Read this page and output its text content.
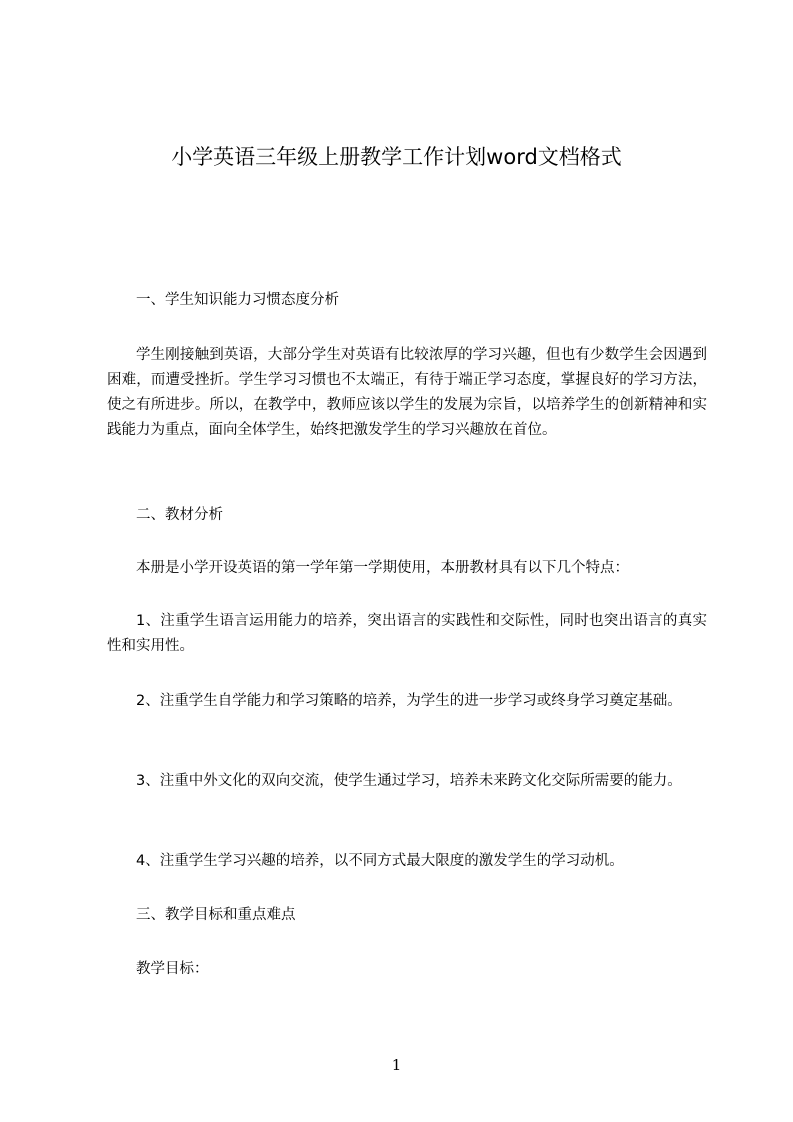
小学英语三年级上册教学工作计划word文档格式
一、学生知识能力习惯态度分析
学生刚接触到英语，大部分学生对英语有比较浓厚的学习兴趣，但也有少数学生会因遇到困难，而遭受挫折。学生学习习惯也不太端正，有待于端正学习态度，掌握良好的学习方法，使之有所进步。所以，在教学中，教师应该以学生的发展为宗旨，以培养学生的创新精神和实践能力为重点，面向全体学生，始终把激发学生的学习兴趣放在首位。
二、教材分析
本册是小学开设英语的第一学年第一学期使用，本册教材具有以下几个特点：
1、注重学生语言运用能力的培养，突出语言的实践性和交际性，同时也突出语言的真实性和实用性。
2、注重学生自学能力和学习策略的培养，为学生的进一步学习或终身学习奠定基础。
3、注重中外文化的双向交流，使学生通过学习，培养未来跨文化交际所需要的能力。
4、注重学生学习兴趣的培养，以不同方式最大限度的激发学生的学习动机。
三、教学目标和重点难点
教学目标：
1
